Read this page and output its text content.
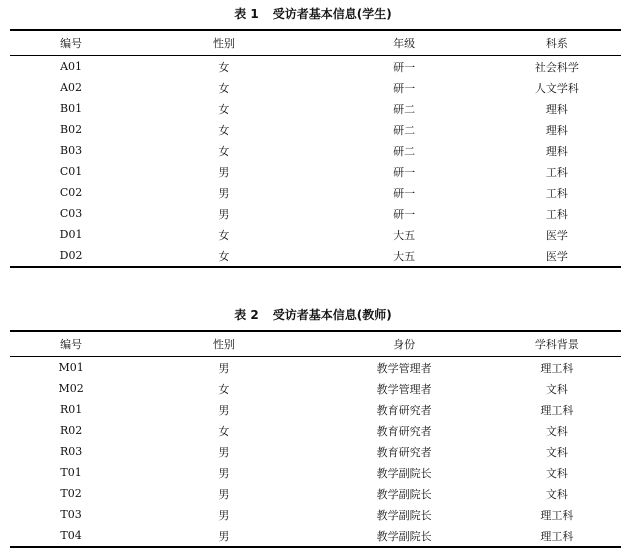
表 1 受访者基本信息(学生)
编号	性别	年级	科系
A01	女	研一	社会科学
A02	女	研一	人文学科
B01	女	研二	理科
B02	女	研二	理科
B03	女	研二	理科
C01	男	研一	工科
C02	男	研一	工科
C03	男	研一	工科
D01	女	大五	医学
D02	女	大五	医学
表 2 受访者基本信息(教师)
编号	性别	身份	学科背景
M01	男	教学管理者	理工科
M02	女	教学管理者	文科
R01	男	教育研究者	理工科
R02	女	教育研究者	文科
R03	男	教育研究者	文科
T01	男	教学副院长	文科
T02	男	教学副院长	文科
T03	男	教学副院长	理工科
T04	男	教学副院长	理工科
